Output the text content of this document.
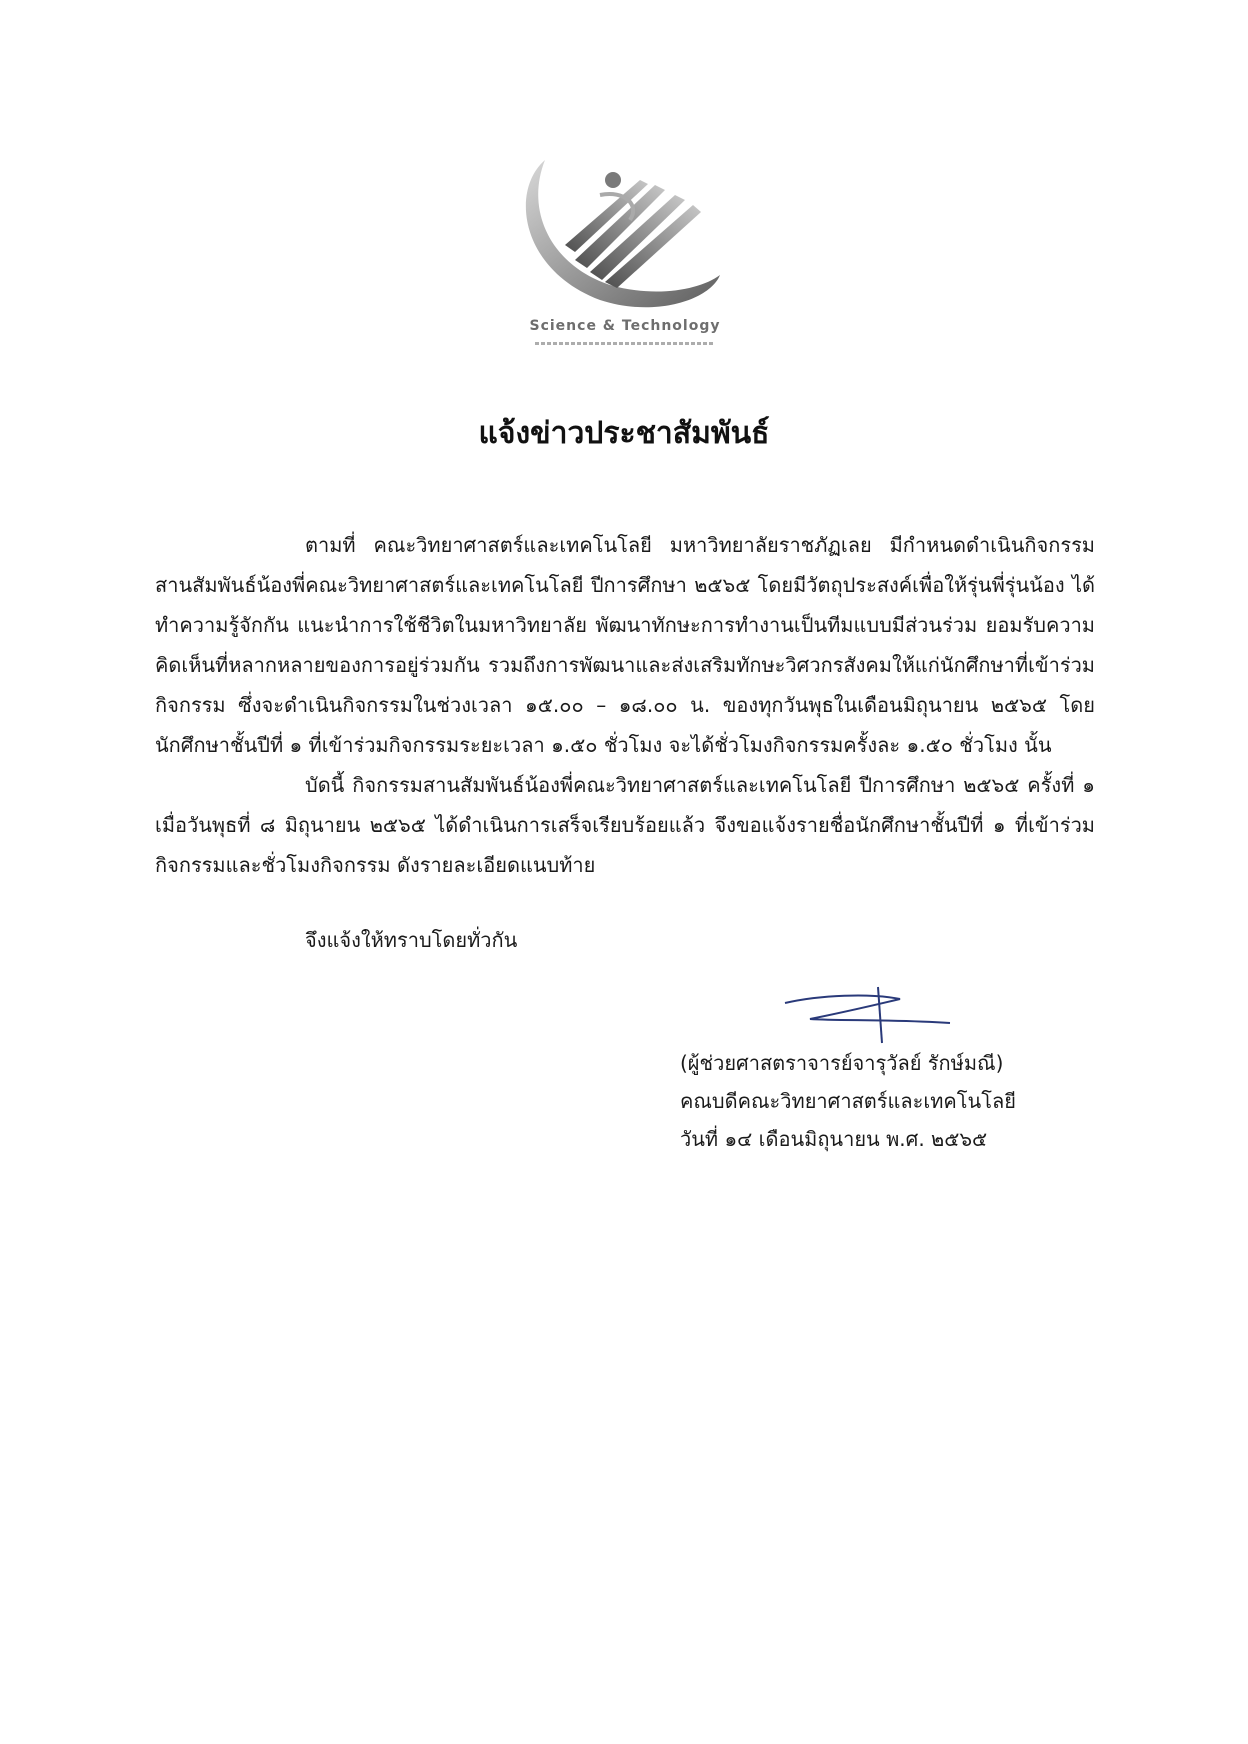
Science & Technology
แจ้งข่าวประชาสัมพันธ์

ตามที่ คณะวิทยาศาสตร์และเทคโนโลยี มหาวิทยาลัยราชภัฏเลย มีกำหนดดำเนินกิจกรรมสานสัมพันธ์น้องพี่คณะวิทยาศาสตร์และเทคโนโลยี ปีการศึกษา ๒๕๖๕ โดยมีวัตถุประสงค์เพื่อให้รุ่นพี่รุ่นน้อง ได้ทำความรู้จักกัน แนะนำการใช้ชีวิตในมหาวิทยาลัย พัฒนาทักษะการทำงานเป็นทีมแบบมีส่วนร่วม ยอมรับความคิดเห็นที่หลากหลายของการอยู่ร่วมกัน รวมถึงการพัฒนาและส่งเสริมทักษะวิศวกรสังคมให้แก่นักศึกษาที่เข้าร่วมกิจกรรม ซึ่งจะดำเนินกิจกรรมในช่วงเวลา ๑๕.๐๐ – ๑๘.๐๐ น. ของทุกวันพุธในเดือนมิถุนายน ๒๕๖๕ โดยนักศึกษาชั้นปีที่ ๑ ที่เข้าร่วมกิจกรรมระยะเวลา ๑.๕๐ ชั่วโมง จะได้ชั่วโมงกิจกรรมครั้งละ ๑.๕๐ ชั่วโมง นั้น

บัดนี้ กิจกรรมสานสัมพันธ์น้องพี่คณะวิทยาศาสตร์และเทคโนโลยี ปีการศึกษา ๒๕๖๕ ครั้งที่ ๑ เมื่อวันพุธที่ ๘ มิถุนายน ๒๕๖๕ ได้ดำเนินการเสร็จเรียบร้อยแล้ว จึงขอแจ้งรายชื่อนักศึกษาชั้นปีที่ ๑ ที่เข้าร่วมกิจกรรมและชั่วโมงกิจกรรม ดังรายละเอียดแนบท้าย

จึงแจ้งให้ทราบโดยทั่วกัน
(ผู้ช่วยศาสตราจารย์จารุวัลย์ รักษ์มณี)
คณบดีคณะวิทยาศาสตร์และเทคโนโลยี
วันที่ ๑๔ เดือนมิถุนายน พ.ศ. ๒๕๖๕
